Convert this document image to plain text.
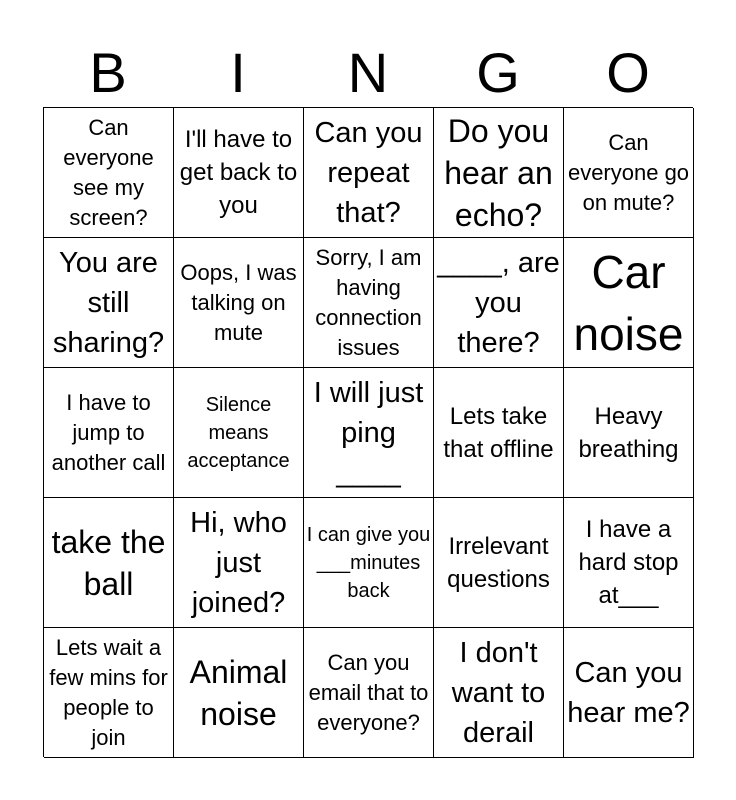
B	I	N	G	O
Can everyone see my screen?
I'll have to get back to you
Can you repeat that?
Do you hear an echo?
Can everyone go on mute?
You are still sharing?
Oops, I was talking on mute
Sorry, I am having connection issues
____, are you there?
Car noise
I have to jump to another call
Silence means acceptance
I will just ping ____
Lets take that offline
Heavy breathing
take the ball
Hi, who just joined?
I can give you ___minutes back
Irrelevant questions
I have a hard stop at___
Lets wait a few mins for people to join
Animal noise
Can you email that to everyone?
I don't want to derail
Can you hear me?
